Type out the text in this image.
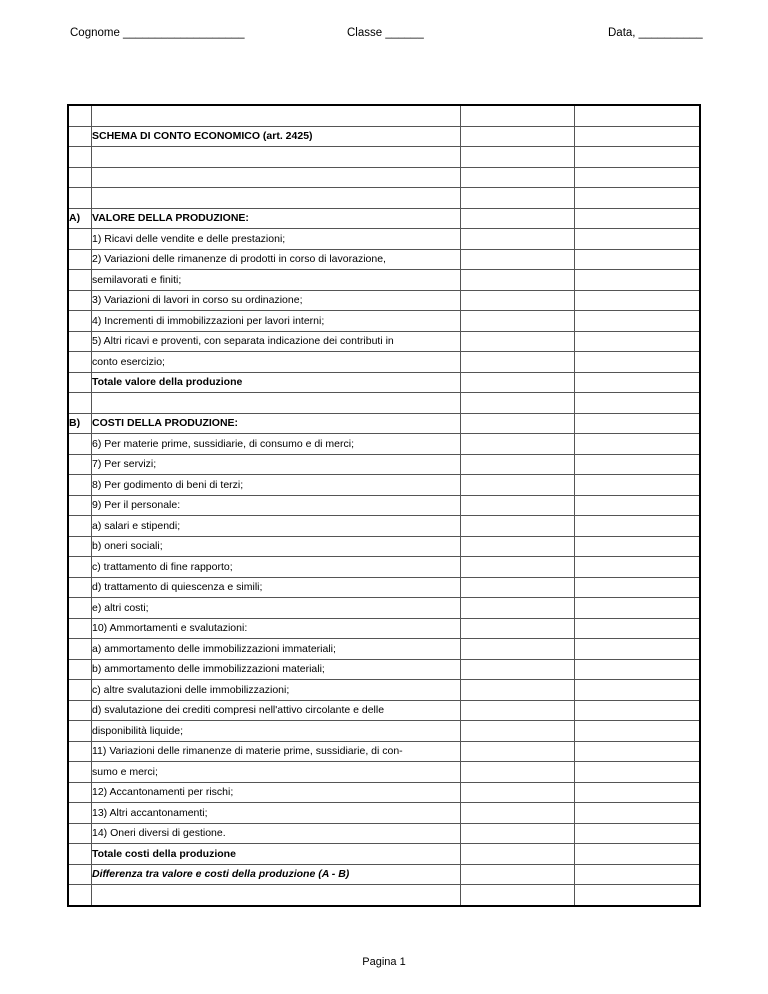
Cognome ___________________	Classe ______	Data, __________

	SCHEMA DI CONTO ECONOMICO (art. 2425)		

A)	VALORE DELLA PRODUZIONE:		
	1) Ricavi delle vendite e delle prestazioni;		
	2) Variazioni delle rimanenze di prodotti in corso di lavorazione,		
	semilavorati e finiti;		
	3) Variazioni di lavori in corso su ordinazione;		
	4) Incrementi di immobilizzazioni per lavori interni;		
	5) Altri ricavi e proventi, con separata indicazione dei contributi in		
	conto esercizio;		
	Totale valore della produzione		

B)	COSTI DELLA PRODUZIONE:		
	6) Per materie prime, sussidiarie, di consumo e di merci;		
	7) Per servizi;		
	8) Per godimento di beni di terzi;		
	9) Per il personale:		
	a) salari e stipendi;		
	b) oneri sociali;		
	c) trattamento di fine rapporto;		
	d) trattamento di quiescenza e simili;		
	e) altri costi;		
	10) Ammortamenti e svalutazioni:		
	a) ammortamento delle immobilizzazioni immateriali;		
	b) ammortamento delle immobilizzazioni materiali;		
	c) altre svalutazioni delle immobilizzazioni;		
	d) svalutazione dei crediti compresi nell'attivo circolante e delle		
	disponibilità liquide;		
	11) Variazioni delle rimanenze di materie prime, sussidiarie, di con-		
	sumo e merci;		
	12) Accantonamenti per rischi;		
	13) Altri accantonamenti;		
	14) Oneri diversi di gestione.		
	Totale costi della produzione		
	Differenza tra valore e costi della produzione (A - B)		

Pagina 1
